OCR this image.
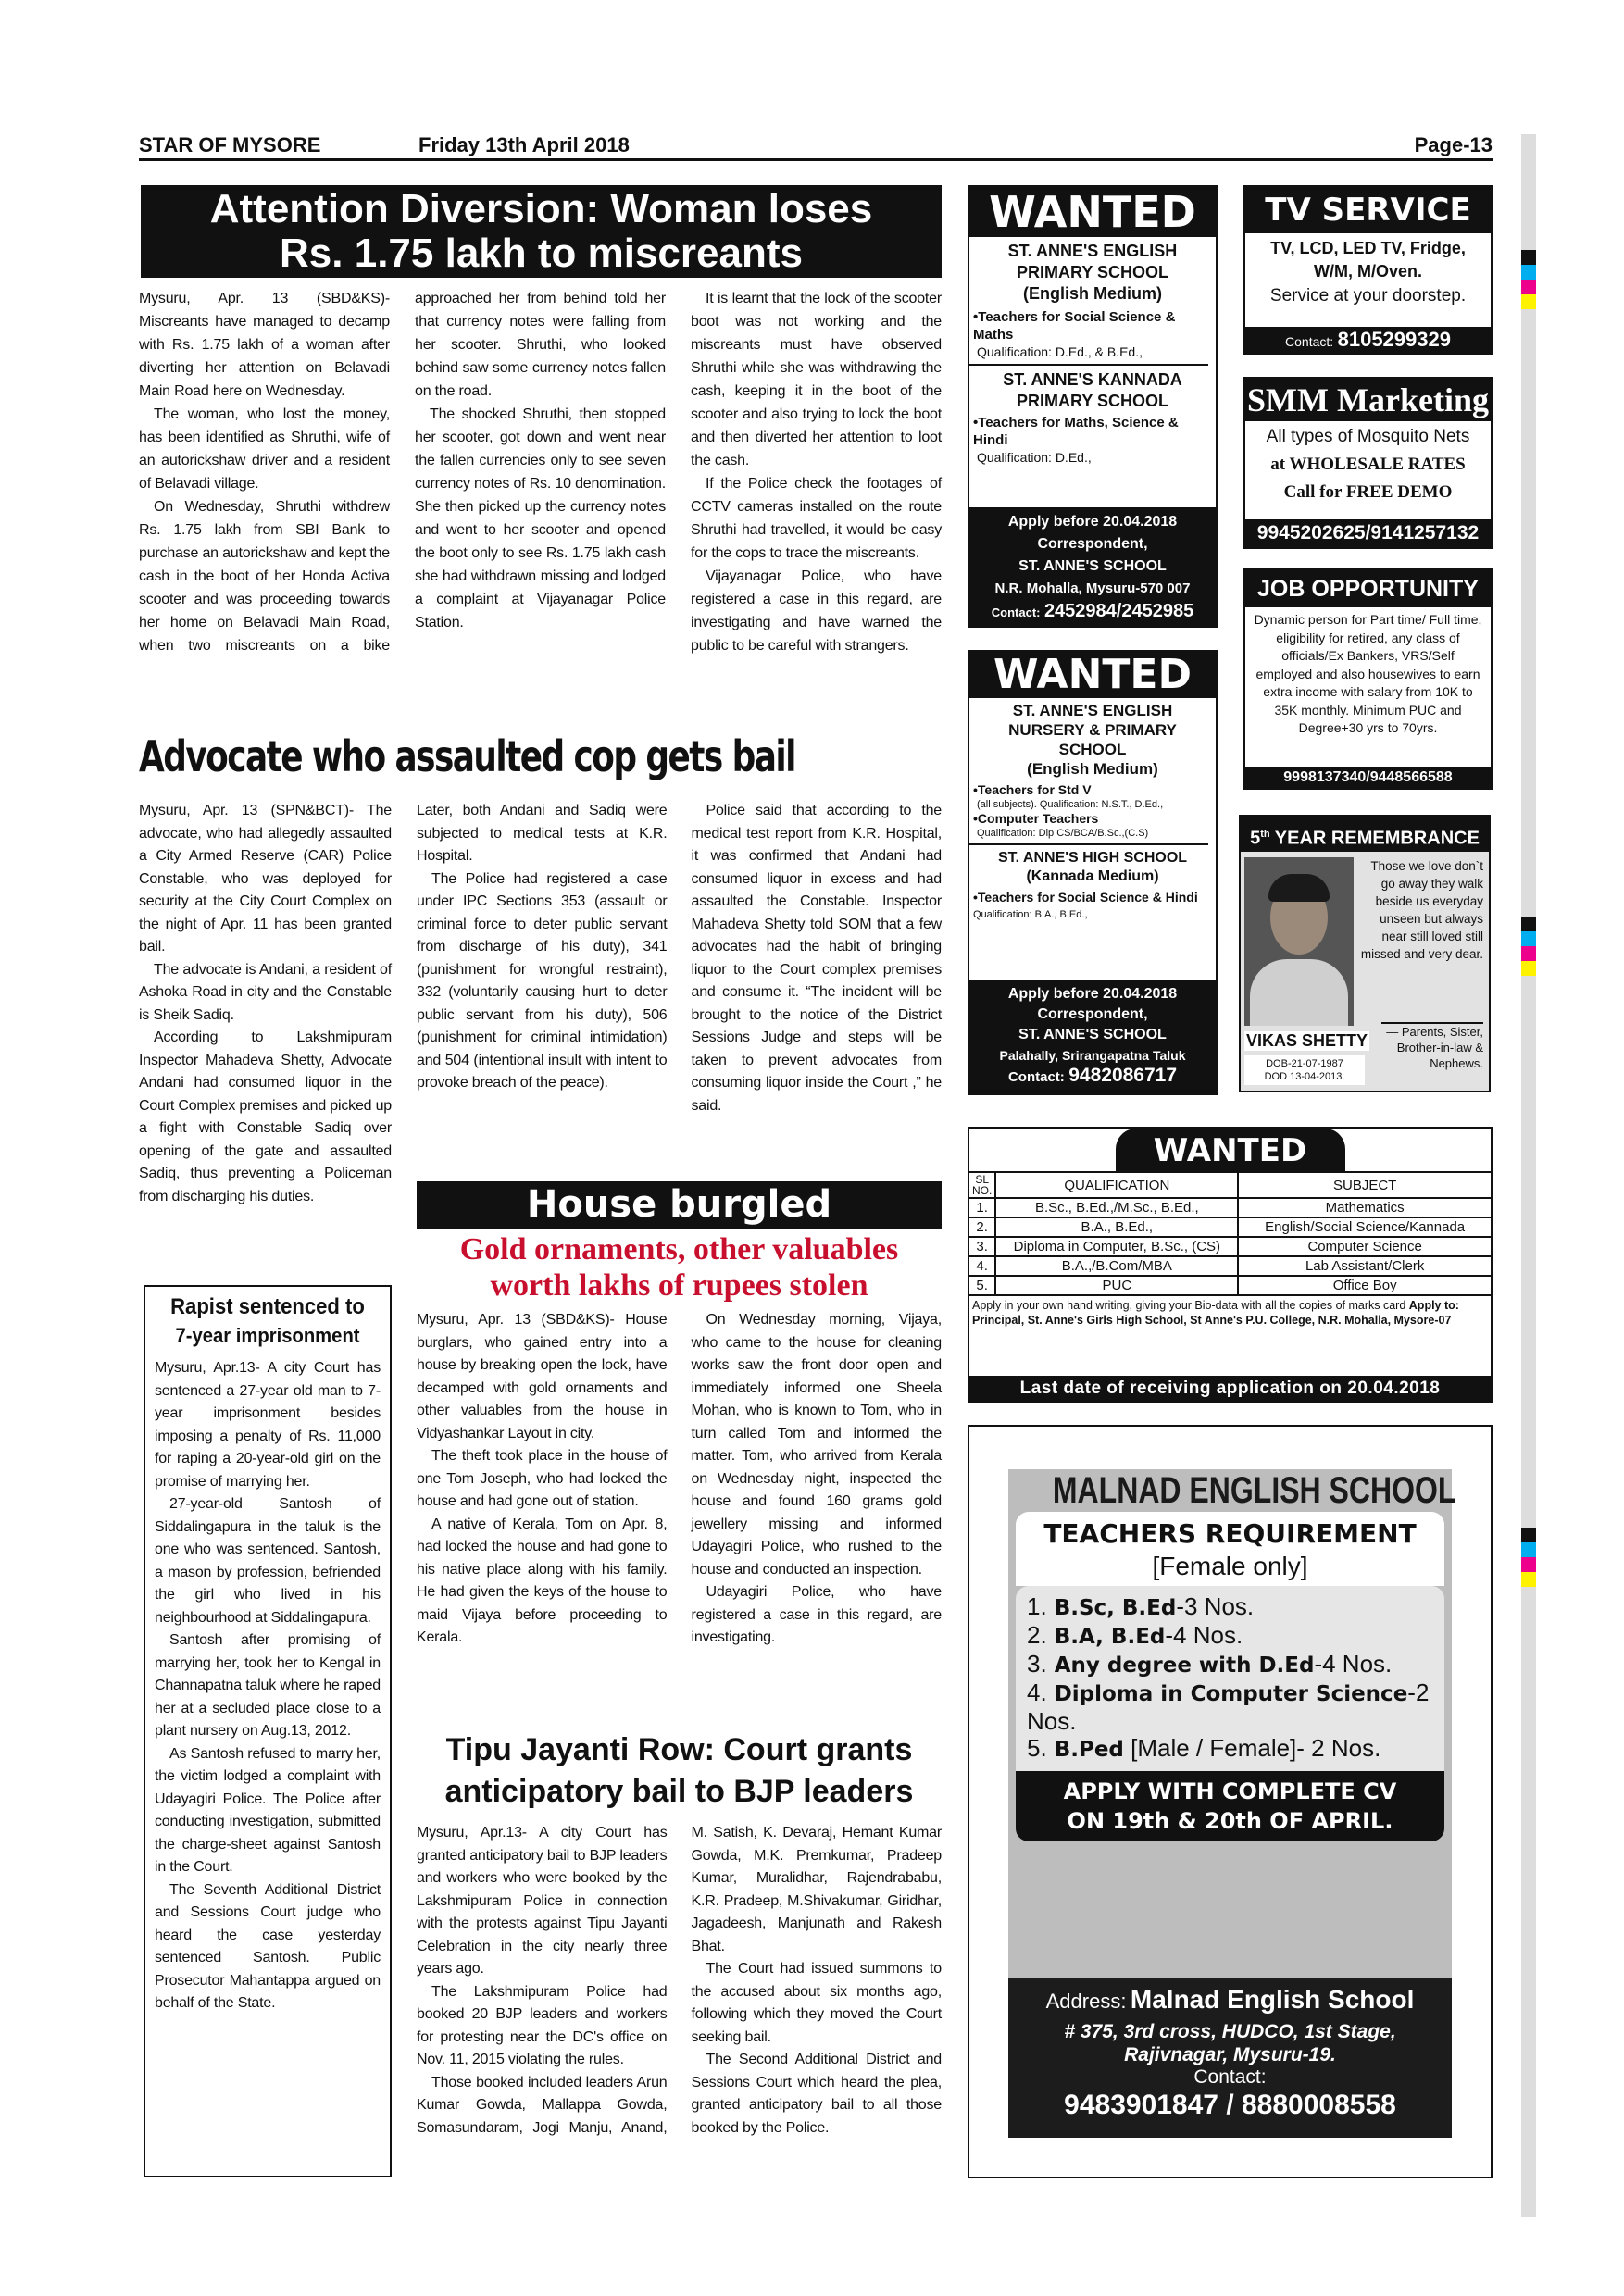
STAR OF MYSORE	Friday 13th April 2018	Page-13
Attention Diversion: Woman loses
Rs. 1.75 lakh to miscreants

Mysuru, Apr. 13 (SBD&KS)- Miscreants have managed to decamp with Rs. 1.75 lakh of a woman after diverting her attention on Belavadi Main Road here on Wednesday.

The woman, who lost the money, has been identified as Shruthi, wife of an autorickshaw driver and a resident of Belavadi village.

On Wednesday, Shruthi withdrew Rs. 1.75 lakh from SBI Bank to purchase an autorickshaw and kept the cash in the boot of her Honda Activa scooter and was proceeding towards her home on Belavadi Main Road, when two miscreants on a bike approached her from behind told her that currency notes were falling from her scooter. Shruthi, who looked behind saw some currency notes fallen on the road.

The shocked Shruthi, then stopped her scooter, got down and went near the fallen currencies only to see seven currency notes of Rs. 10 denomination. She then picked up the currency notes and went to her scooter and opened the boot only to see Rs. 1.75 lakh cash she had withdrawn missing and lodged a complaint at Vijayanagar Police Station.

It is learnt that the lock of the scooter boot was not working and the miscreants must have observed Shruthi while she was withdrawing the cash, keeping it in the boot of the scooter and also trying to lock the boot and then diverted her attention to loot the cash.

If the Police check the footages of CCTV cameras installed on the route Shruthi had travelled, it would be easy for the cops to trace the miscreants.

Vijayanagar Police, who have registered a case in this regard, are investigating and have warned the public to be careful with strangers.

Advocate who assaulted cop gets bail

Mysuru, Apr. 13 (SPN&BCT)- The advocate, who had allegedly assaulted a City Armed Reserve (CAR) Police Constable, who was deployed for security at the City Court Complex on the night of Apr. 11 has been granted bail.

The advocate is Andani, a resident of Ashoka Road in city and the Constable is Sheik Sadiq.

According to Lakshmipuram Inspector Mahadeva Shetty, Advocate Andani had consumed liquor in the Court Complex premises and picked up a fight with Constable Sadiq over opening of the gate and assaulted Sadiq, thus preventing a Policeman from discharging his duties.

Later, both Andani and Sadiq were subjected to medical tests at K.R. Hospital.

The Police had registered a case under IPC Sections 353 (assault or criminal force to deter public servant from discharge of his duty), 341 (punishment for wrongful restraint), 332 (voluntarily causing hurt to deter public servant from his duty), 506 (punishment for criminal intimidation) and 504 (intentional insult with intent to provoke breach of the peace).

Police said that according to the medical test report from K.R. Hospital, it was confirmed that Andani had consumed liquor in excess and had assaulted the Constable. Inspector Mahadeva Shetty told SOM that a few advocates had the habit of bringing liquor to the Court complex premises and consume it. “The incident will be brought to the notice of the District Sessions Judge and steps will be taken to prevent advocates from consuming liquor inside the Court ,” he said.

Rapist sentenced to
7-year imprisonment

Mysuru, Apr.13- A city Court has sentenced a 27-year old man to 7-year imprisonment besides imposing a penalty of Rs. 11,000 for raping a 20-year-old girl on the promise of marrying her.

27-year-old Santosh of Siddalingapura in the taluk is the one who was sentenced. Santosh, a mason by profession, befriended the girl who lived in his neighbourhood at Siddalingapura.

Santosh after promising of marrying her, took her to Kengal in Channapatna taluk where he raped her at a secluded place close to a plant nursery on Aug.13, 2012.

As Santosh refused to marry her, the victim lodged a complaint with Udayagiri Police. The Police after conducting investigation, submitted the charge-sheet against Santosh in the Court.

The Seventh Additional District and Sessions Court judge who heard the case yesterday sentenced Santosh. Public Prosecutor Mahantappa argued on behalf of the State.

House burgled
Gold ornaments, other valuables worth lakhs of rupees stolen

Mysuru, Apr. 13 (SBD&KS)- House burglars, who gained entry into a house by breaking open the lock, have decamped with gold ornaments and other valuables from the house in Vidyashankar Layout in city.

The theft took place in the house of one Tom Joseph, who had locked the house and had gone out of station.

A native of Kerala, Tom on Apr. 8, had locked the house and had gone to his native place along with his family. He had given the keys of the house to maid Vijaya before proceeding to Kerala.

On Wednesday morning, Vijaya, who came to the house for cleaning works saw the front door open and immediately informed one Sheela Mohan, who is known to Tom, who in turn called Tom and informed the matter. Tom, who arrived from Kerala on Wednesday night, inspected the house and found 160 grams gold jewellery missing and informed Udayagiri Police, who rushed to the house and conducted an inspection.

Udayagiri Police, who have registered a case in this regard, are investigating.

Tipu Jayanti Row: Court grants
anticipatory bail to BJP leaders

Mysuru, Apr.13- A city Court has granted anticipatory bail to BJP leaders and workers who were booked by the Lakshmipuram Police in connection with the protests against Tipu Jayanti Celebration in the city nearly three years ago.

The Lakshmipuram Police had booked 20 BJP leaders and workers for protesting near the DC's office on Nov. 11, 2015 violating the rules.

Those booked included leaders Arun Kumar Gowda, Mallappa Gowda, Somasundaram, Jogi Manju, Anand, M. Satish, K. Devaraj, Hemant Kumar Gowda, M.K. Premkumar, Pradeep Kumar, Muralidhar, Rajendrababu, K.R. Pradeep, M.Shivakumar, Giridhar, Jagadeesh, Manjunath and Rakesh Bhat.

The Court had issued summons to the accused about six months ago, following which they moved the Court seeking bail.

The Second Additional District and Sessions Court which heard the plea, granted anticipatory bail to all those booked by the Police.

WANTED
ST. ANNE'S ENGLISH PRIMARY SCHOOL
(English Medium)
•Teachers for Social Science & Maths
Qualification: D.Ed., & B.Ed.,
ST. ANNE'S KANNADA PRIMARY SCHOOL
•Teachers for Maths, Science & Hindi
Qualification: D.Ed.,
Apply before 20.04.2018
Correspondent,
ST. ANNE'S SCHOOL
N.R. Mohalla, Mysuru-570 007
Contact: 2452984/2452985
WANTED
ST. ANNE'S ENGLISH NURSERY & PRIMARY SCHOOL
(English Medium)
•Teachers for Std V
(all subjects). Qualification: N.S.T., D.Ed.,
•Computer Teachers
Qualification: Dip CS/BCA/B.Sc.,(C.S)
ST. ANNE'S HIGH SCHOOL
(Kannada Medium)
•Teachers for Social Science & Hindi Qualification: B.A., B.Ed.,
Apply before 20.04.2018
Correspondent,
ST. ANNE'S SCHOOL
Palahally, Srirangapatna Taluk
Contact: 9482086717
TV SERVICE
TV, LCD, LED TV, Fridge, W/M, M/Oven.
Service at your doorstep.
Contact: 8105299329
SMM Marketing
All types of Mosquito Nets
at WHOLESALE RATES
Call for FREE DEMO
9945202625/9141257132
JOB OPPORTUNITY
Dynamic person for Part time/ Full time, eligibility for retired, any class of officials/Ex Bankers, VRS/Self employed and also housewives to earn extra income with salary from 10K to 35K monthly. Minimum PUC and Degree+30 yrs to 70yrs.
9998137340/9448566588
5th YEAR REMEMBRANCE
Those we love don`t go away they walk beside us everyday unseen but always near still loved still missed and very dear.
— Parents, Sister, Brother-in-law & Nephews.
VIKAS SHETTY
DOB-21-07-1987
DOD 13-04-2013.
WANTED
SL NO.	QUALIFICATION	SUBJECT
1.	B.Sc., B.Ed.,/M.Sc., B.Ed.,	Mathematics
2.	B.A., B.Ed.,	English/Social Science/Kannada
3.	Diploma in Computer, B.Sc., (CS)	Computer Science
4.	B.A.,/B.Com/MBA	Lab Assistant/Clerk
5.	PUC	Office Boy
Apply in your own hand writing, giving your Bio-data with all the copies of marks card Apply to: Principal, St. Anne's Girls High School, St Anne's P.U. College, N.R. Mohalla, Mysore-07
Last date of receiving application on 20.04.2018
MALNAD ENGLISH SCHOOL
TEACHERS REQUIREMENT
[Female only]
1. B.Sc, B.Ed-3 Nos.
2. B.A, B.Ed-4 Nos.
3. Any degree with D.Ed-4 Nos.
4. Diploma in Computer Science-2 Nos.
5. B.Ped [Male / Female]- 2 Nos.
APPLY WITH COMPLETE CV
ON 19th & 20th OF APRIL.
Address: Malnad English School
# 375, 3rd cross, HUDCO, 1st Stage, Rajivnagar, Mysuru-19.
Contact:
9483901847 / 8880008558
